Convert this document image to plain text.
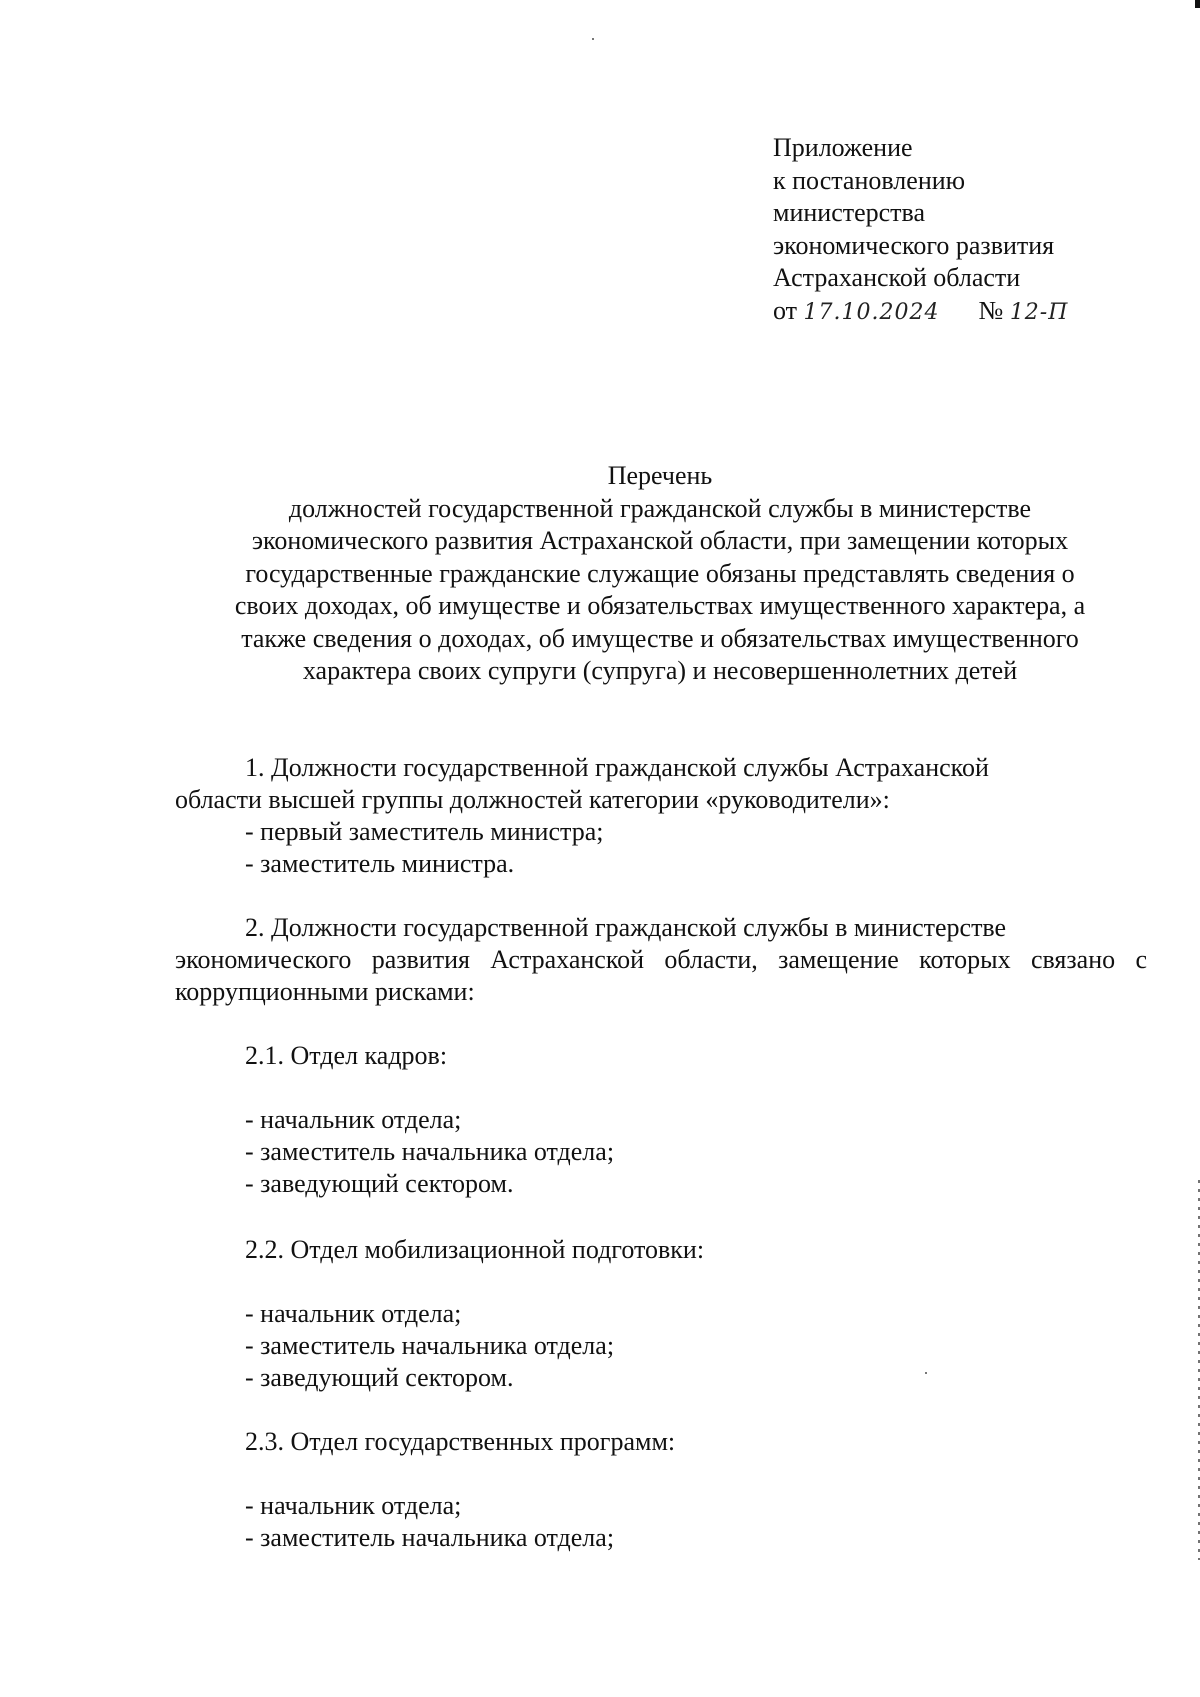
Приложение
к постановлению
министерства
экономического развития
Астраханской области
от 17.10.2024 № 12-П
Перечень
должностей государственной гражданской службы в министерстве
экономического развития Астраханской области, при замещении которых
государственные гражданские служащие обязаны представлять сведения о
своих доходах, об имуществе и обязательствах имущественного характера, а
также сведения о доходах, об имуществе и обязательствах имущественного
характера своих супруги (супруга) и несовершеннолетних детей
1. Должности государственной гражданской службы Астраханской
области высшей группы должностей категории «руководители»:
- первый заместитель министра;
- заместитель министра.
2. Должности государственной гражданской службы в министерстве
экономического развития Астраханской области, замещение которых связано с
коррупционными рисками:
2.1. Отдел кадров:
- начальник отдела;
- заместитель начальника отдела;
- заведующий сектором.
2.2. Отдел мобилизационной подготовки:
- начальник отдела;
- заместитель начальника отдела;
- заведующий сектором.
2.3. Отдел государственных программ:
- начальник отдела;
- заместитель начальника отдела;
